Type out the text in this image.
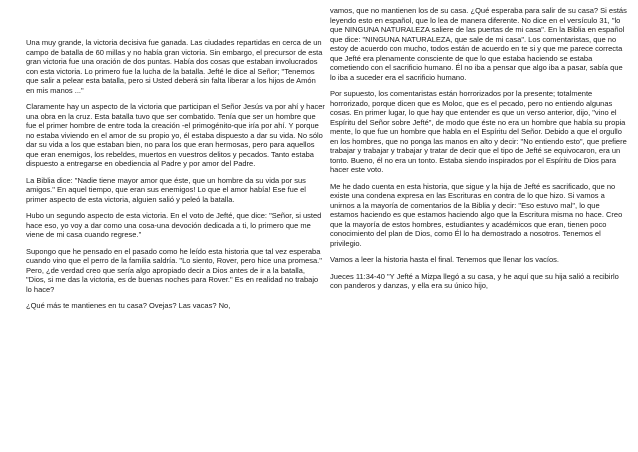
Una muy grande, la victoria decisiva fue ganada. Las ciudades repartidas en cerca de un campo de batalla de 60 millas y no había gran victoria. Sin embargo, el precursor de esta gran victoria fue una oración de dos puntas. Había dos cosas que estaban involucrados con esta victoria. Lo primero fue la lucha de la batalla. Jefté le dice al Señor; "Tenemos que salir a pelear esta batalla, pero si Usted deberá sin falta liberar a los hijos de Amón en mis manos ..."

Claramente hay un aspecto de la victoria que participan el Señor Jesús va por ahí y hacer una obra en la cruz. Esta batalla tuvo que ser combatido. Tenía que ser un hombre que fue el primer hombre de entre toda la creación -el primogénito-que iría por ahí. Y porque no estaba viviendo en el amor de su propio yo, él estaba dispuesto a dar su vida. No sólo dar su vida a los que estaban bien, no para los que eran hermosas, pero para aquellos que eran enemigos, los rebeldes, muertos en vuestros delitos y pecados. Tanto estaba dispuesto a entregarse en obediencia al Padre y por amor del Padre.

La Biblia dice: "Nadie tiene mayor amor que éste, que un hombre da su vida por sus amigos." En aquel tiempo, que eran sus enemigos! Lo que el amor había! Ese fue el primer aspecto de esta victoria, alguien salió y peleó la batalla.

Hubo un segundo aspecto de esta victoria. En el voto de Jefté, que dice: "Señor, si usted hace eso, yo voy a dar como una cosa-una devoción dedicada a ti, lo primero que me viene de mi casa cuando regrese."

Supongo que he pensado en el pasado como he leído esta historia que tal vez esperaba cuando vino que el perro de la familia saldría. "Lo siento, Rover, pero hice una promesa." Pero, ¿de verdad creo que sería algo apropiado decir a Dios antes de ir a la batalla, "Dios, si me das la victoria, es de buenas noches para Rover." Es en realidad no trabajo lo hace?

¿Qué más te mantienes en tu casa? Ovejas? Las vacas? No,

vamos, que no mantienen los de su casa. ¿Qué esperaba para salir de su casa? Si estás leyendo esto en español, que lo lea de manera diferente. No dice en el versículo 31, "lo que NINGUNA NATURALEZA saliere de las puertas de mi casa". En la Biblia en español que dice: "NINGUNA NATURALEZA, que sale de mi casa". Los comentaristas, que no estoy de acuerdo con mucho, todos están de acuerdo en te si y que me parece correcta que Jefté era plenamente consciente de que lo que estaba haciendo se estaba cometiendo con el sacrificio humano. Él no iba a pensar que algo iba a pasar, sabía que lo iba a suceder era el sacrificio humano.

Por supuesto, los comentaristas están horrorizados por la presente; totalmente horrorizado, porque dicen que es Moloc, que es el pecado, pero no entiendo algunas cosas. En primer lugar, lo que hay que entender es que un verso anterior, dijo, "vino el Espíritu del Señor sobre Jefté", de modo que éste no era un hombre que había su propia mente, lo que fue un hombre que habla en el Espíritu del Señor. Debido a que el orgullo en los hombres, que no ponga las manos en alto y decir: "No entiendo esto", que prefiere trabajar y trabajar y trabajar y tratar de decir que el tipo de Jefté se equivocaron, era un tonto. Bueno, él no era un tonto. Estaba siendo inspirados por el Espíritu de Dios para hacer este voto.

Me he dado cuenta en esta historia, que sigue y la hija de Jefté es sacrificado, que no existe una condena expresa en las Escrituras en contra de lo que hizo. Si vamos a unirnos a la mayoría de comentarios de la Biblia y decir: "Eso estuvo mal", lo que estamos haciendo es que estamos haciendo algo que la Escritura misma no hace. Creo que la mayoría de estos hombres, estudiantes y académicos que eran, tienen poco conocimiento del plan de Dios, como Él lo ha demostrado a nosotros. Tenemos el privilegio.

Vamos a leer la historia hasta el final. Tenemos que llenar los vacíos.

Jueces 11:34-40 "Y Jefté a Mizpa llegó a su casa, y he aquí que su hija salió a recibirlo con panderos y danzas, y ella era su único hijo,
